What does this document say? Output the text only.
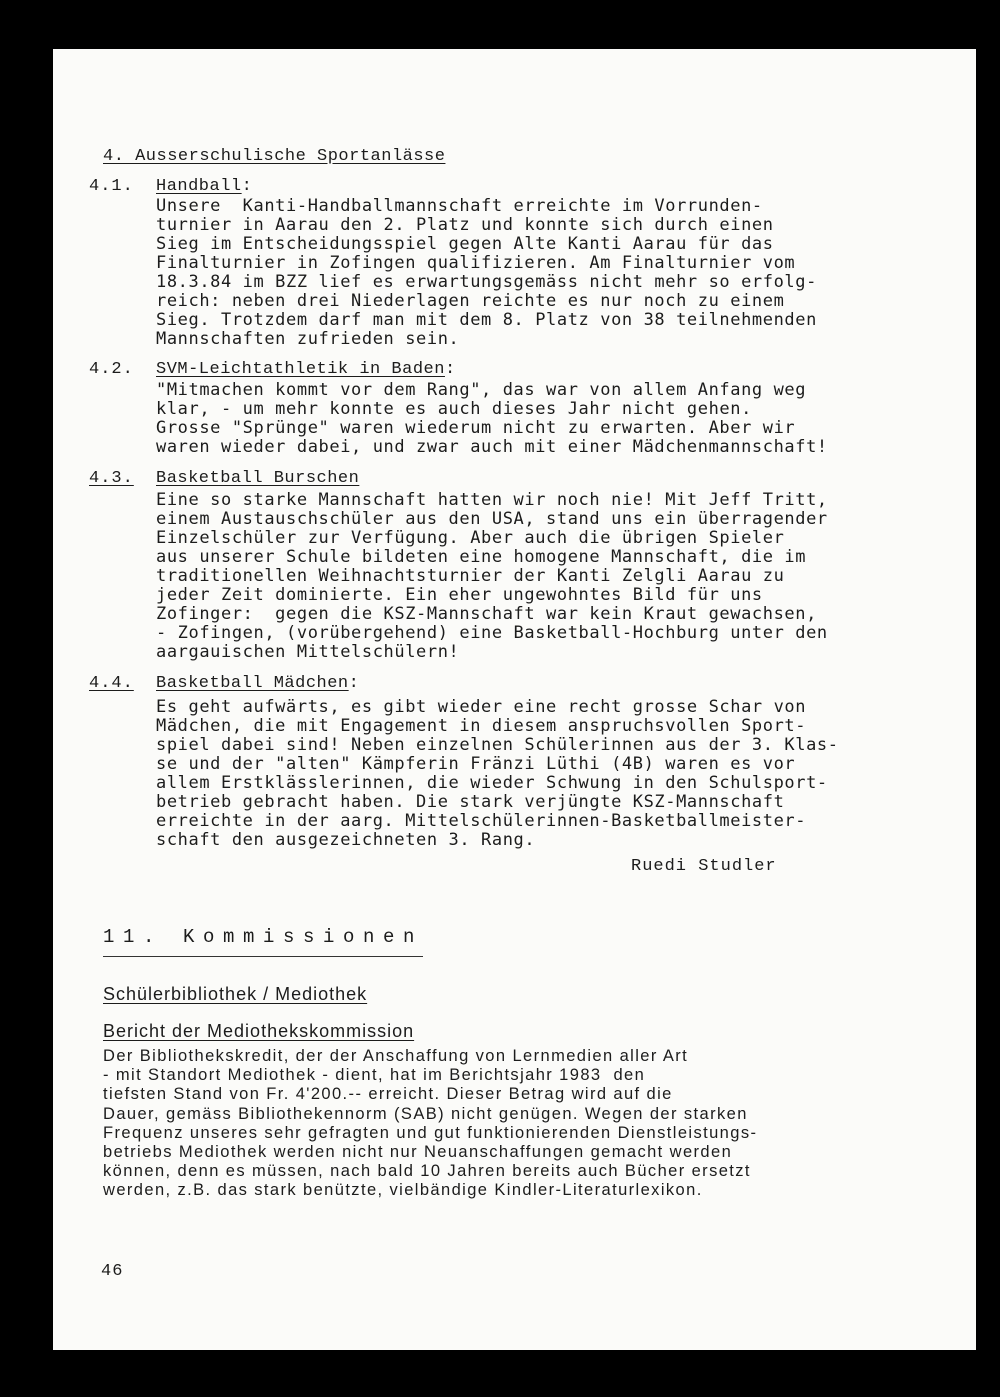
4. Ausserschulische Sportanlässe
4.1. Handball:
Unsere  Kanti-Handballmannschaft erreichte im Vorrunden-
turnier in Aarau den 2. Platz und konnte sich durch einen
Sieg im Entscheidungsspiel gegen Alte Kanti Aarau für das
Finalturnier in Zofingen qualifizieren. Am Finalturnier vom
18.3.84 im BZZ lief es erwartungsgemäss nicht mehr so erfolg-
reich: neben drei Niederlagen reichte es nur noch zu einem
Sieg. Trotzdem darf man mit dem 8. Platz von 38 teilnehmenden
Mannschaften zufrieden sein.
4.2. SVM-Leichtathletik in Baden:
"Mitmachen kommt vor dem Rang", das war von allem Anfang weg
klar, - um mehr konnte es auch dieses Jahr nicht gehen.
Grosse "Sprünge" waren wiederum nicht zu erwarten. Aber wir
waren wieder dabei, und zwar auch mit einer Mädchenmannschaft!
4.3. Basketball Burschen
Eine so starke Mannschaft hatten wir noch nie! Mit Jeff Tritt,
einem Austauschschüler aus den USA, stand uns ein überragender
Einzelschüler zur Verfügung. Aber auch die übrigen Spieler
aus unserer Schule bildeten eine homogene Mannschaft, die im
traditionellen Weihnachtsturnier der Kanti Zelgli Aarau zu
jeder Zeit dominierte. Ein eher ungewohntes Bild für uns
Zofinger:  gegen die KSZ-Mannschaft war kein Kraut gewachsen,
- Zofingen, (vorübergehend) eine Basketball-Hochburg unter den
aargauischen Mittelschülern!
4.4. Basketball Mädchen:
Es geht aufwärts, es gibt wieder eine recht grosse Schar von
Mädchen, die mit Engagement in diesem anspruchsvollen Sport-
spiel dabei sind! Neben einzelnen Schülerinnen aus der 3. Klas-
se und der "alten" Kämpferin Fränzi Lüthi (4B) waren es vor
allem Erstklässlerinnen, die wieder Schwung in den Schulsport-
betrieb gebracht haben. Die stark verjüngte KSZ-Mannschaft
erreichte in der aarg. Mittelschülerinnen-Basketballmeister-
schaft den ausgezeichneten 3. Rang.
Ruedi Studler
11. Kommissionen
Schülerbibliothek / Mediothek
Bericht der Mediothekskommission
Der Bibliothekskredit, der der Anschaffung von Lernmedien aller Art
- mit Standort Mediothek - dient, hat im Berichtsjahr 1983  den
tiefsten Stand von Fr. 4'200.-- erreicht. Dieser Betrag wird auf die
Dauer, gemäss Bibliothekennorm (SAB) nicht genügen. Wegen der starken
Frequenz unseres sehr gefragten und gut funktionierenden Dienstleistungs-
betriebs Mediothek werden nicht nur Neuanschaffungen gemacht werden
können, denn es müssen, nach bald 10 Jahren bereits auch Bücher ersetzt
werden, z.B. das stark benützte, vielbändige Kindler-Literaturlexikon.
46
